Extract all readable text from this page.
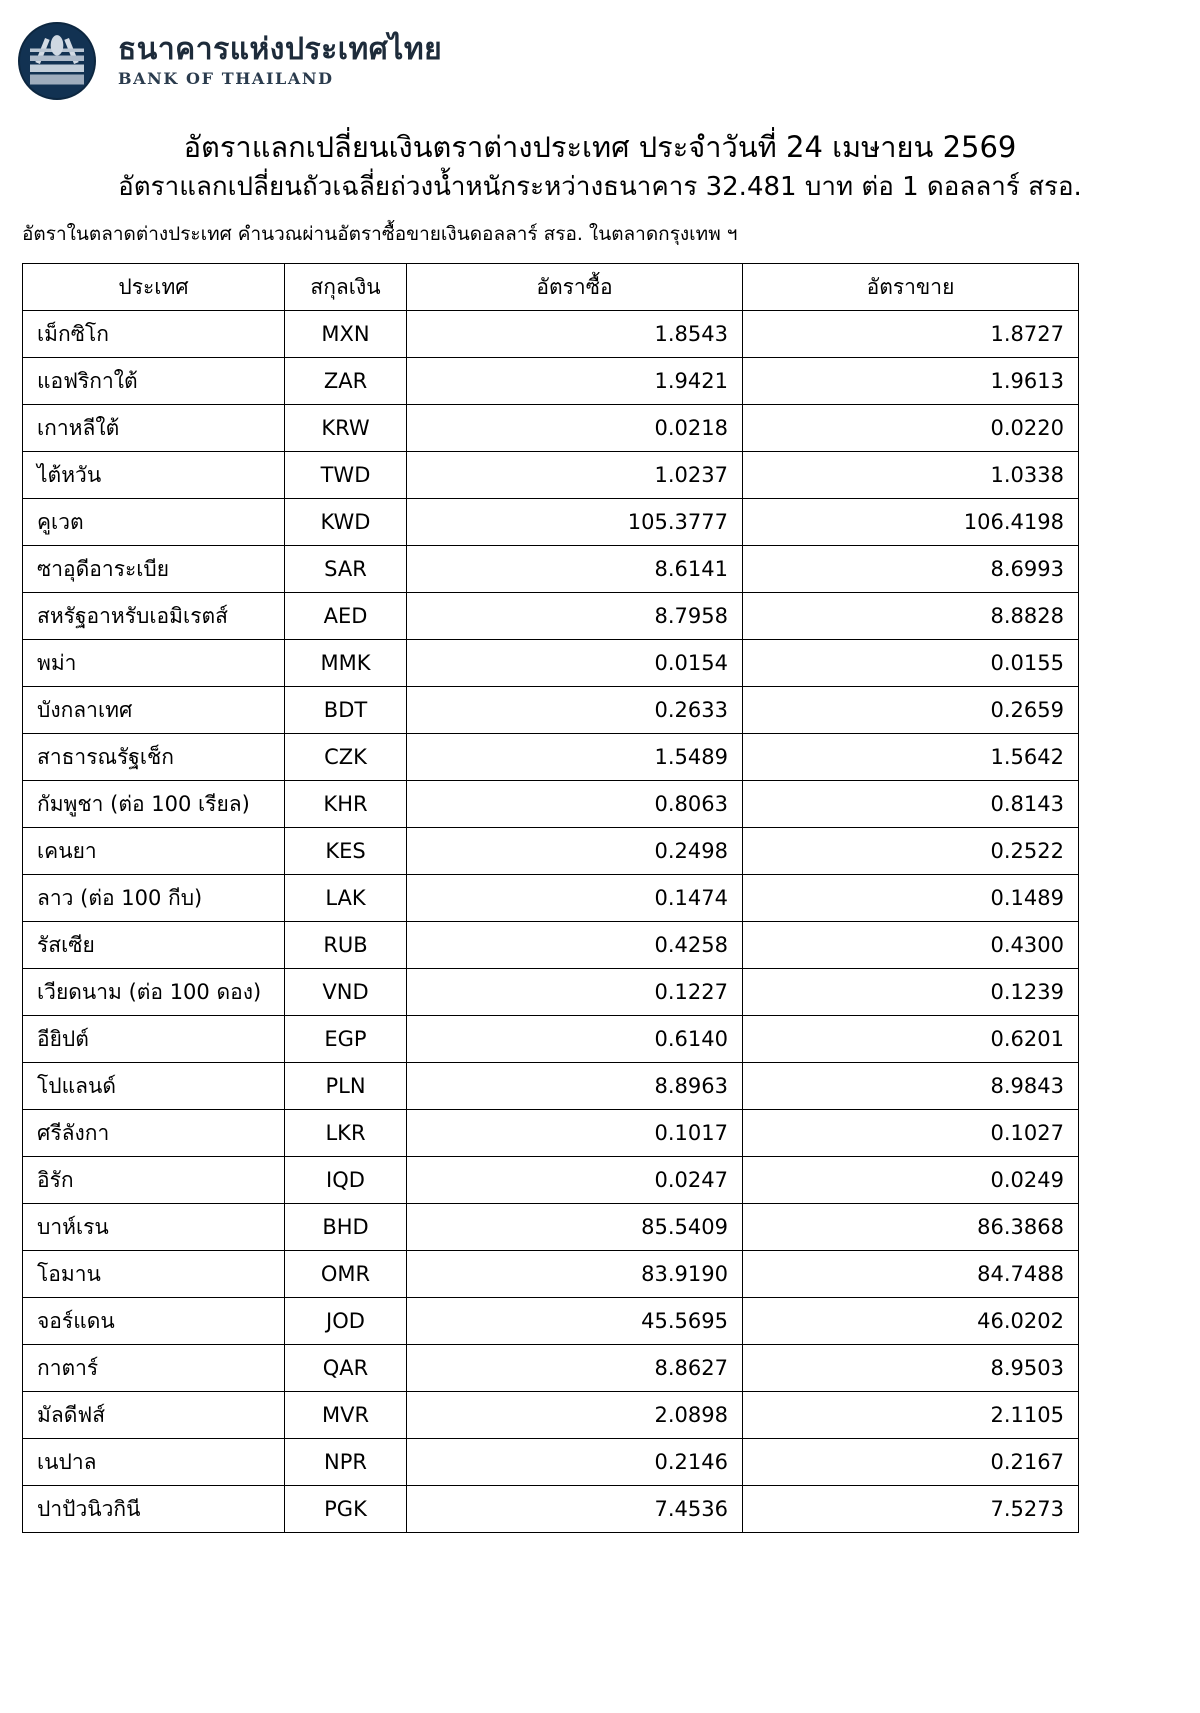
ธนาคารแห่งประเทศไทย
BANK OF THAILAND
อัตราแลกเปลี่ยนเงินตราต่างประเทศ ประจำวันที่ 24 เมษายน 2569
อัตราแลกเปลี่ยนถัวเฉลี่ยถ่วงน้ำหนักระหว่างธนาคาร 32.481 บาท ต่อ 1 ดอลลาร์ สรอ.
อัตราในตลาดต่างประเทศ คำนวณผ่านอัตราซื้อขายเงินดอลลาร์ สรอ. ในตลาดกรุงเทพ ฯ
ประเทศ	สกุลเงิน	อัตราซื้อ	อัตราขาย
เม็กซิโก	MXN	1.8543	1.8727
แอฟริกาใต้	ZAR	1.9421	1.9613
เกาหลีใต้	KRW	0.0218	0.0220
ไต้หวัน	TWD	1.0237	1.0338
คูเวต	KWD	105.3777	106.4198
ซาอุดีอาระเบีย	SAR	8.6141	8.6993
สหรัฐอาหรับเอมิเรตส์	AED	8.7958	8.8828
พม่า	MMK	0.0154	0.0155
บังกลาเทศ	BDT	0.2633	0.2659
สาธารณรัฐเช็ก	CZK	1.5489	1.5642
กัมพูชา (ต่อ 100 เรียล)	KHR	0.8063	0.8143
เคนยา	KES	0.2498	0.2522
ลาว (ต่อ 100 กีบ)	LAK	0.1474	0.1489
รัสเซีย	RUB	0.4258	0.4300
เวียดนาม (ต่อ 100 ดอง)	VND	0.1227	0.1239
อียิปต์	EGP	0.6140	0.6201
โปแลนด์	PLN	8.8963	8.9843
ศรีลังกา	LKR	0.1017	0.1027
อิรัก	IQD	0.0247	0.0249
บาห์เรน	BHD	85.5409	86.3868
โอมาน	OMR	83.9190	84.7488
จอร์แดน	JOD	45.5695	46.0202
กาตาร์	QAR	8.8627	8.9503
มัลดีฟส์	MVR	2.0898	2.1105
เนปาล	NPR	0.2146	0.2167
ปาปัวนิวกินี	PGK	7.4536	7.5273
